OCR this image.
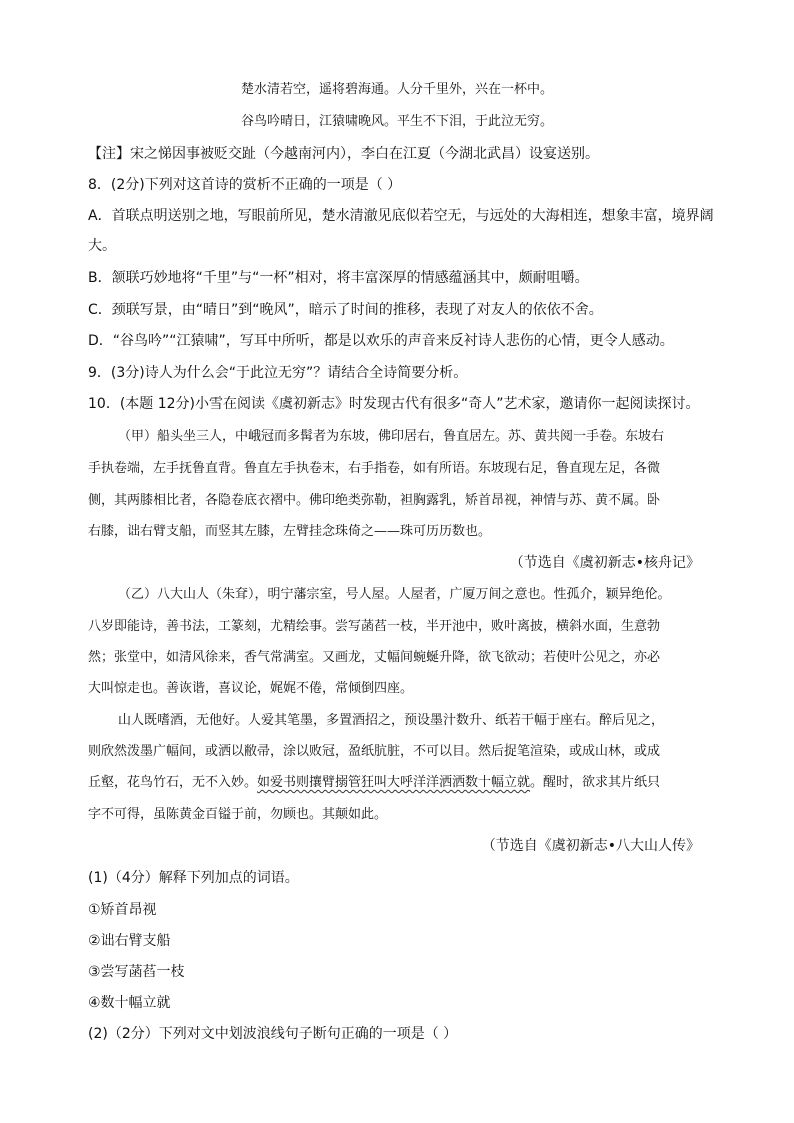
楚水清若空，遥将碧海通。人分千里外，兴在一杯中。
谷鸟吟晴日，江猿啸晚风。平生不下泪，于此泣无穷。
【注】宋之悌因事被贬交趾（今越南河内），李白在江夏（今湖北武昌）设宴送别。
8．(2分)下列对这首诗的赏析不正确的一项是（ ）
A．首联点明送别之地，写眼前所见，楚水清澈见底似若空无，与远处的大海相连，想象丰富，境界阔
大。
B．颔联巧妙地将“千里”与“一杯”相对，将丰富深厚的情感蕴涵其中，颇耐咀嚼。
C．颈联写景，由“晴日”到“晚风”，暗示了时间的推移，表现了对友人的依依不舍。
D．“谷鸟吟”“江猿啸”，写耳中所听，都是以欢乐的声音来反衬诗人悲伤的心情，更令人感动。
9．(3分)诗人为什么会“于此泣无穷”？请结合全诗简要分析。
10．(本题 12分)小雪在阅读《虞初新志》时发现古代有很多“奇人”艺术家，邀请你一起阅读探讨。
（甲）船头坐三人，中峨冠而多髯者为东坡，佛印居右，鲁直居左。苏、黄共阅一手卷。东坡右
手执卷端，左手抚鲁直背。鲁直左手执卷末，右手指卷，如有所语。东坡现右足，鲁直现左足，各微
侧，其两膝相比者，各隐卷底衣褶中。佛印绝类弥勒，袒胸露乳，矫首昂视，神情与苏、黄不属。卧
右膝，诎右臂支船，而竖其左膝，左臂挂念珠倚之——珠可历历数也。
（节选自《虞初新志•核舟记》
（乙）八大山人（朱耷），明宁藩宗室，号人屋。人屋者，广厦万间之意也。性孤介，颖异绝伦。
八岁即能诗，善书法，工篆刻，尤精绘事。尝写菡萏一枝，半开池中，败叶离披，横斜水面，生意勃
然；张堂中，如清风徐来，香气常满室。又画龙，丈幅间蜿蜒升降，欲飞欲动；若使叶公见之，亦必
大叫惊走也。善诙谐，喜议论，娓娓不倦，常倾倒四座。
山人既嗜酒，无他好。人爱其笔墨，多置酒招之，预设墨汁数升、纸若干幅于座右。醉后见之，
则欣然泼墨广幅间，或洒以敝帚，涂以败冠，盈纸肮脏，不可以目。然后捉笔渲染，或成山林，或成
丘壑，花鸟竹石，无不入妙。如爱书则攘臂搦管狂叫大呼洋洋洒洒数十幅立就。醒时，欲求其片纸只
字不可得，虽陈黄金百镒于前，勿顾也。其颠如此。
（节选自《虞初新志•八大山人传》
(1)（4分）解释下列加点的词语。
①矫首昂视
②诎右臂支船
③尝写菡萏一枝
④数十幅立就
(2)（2分）下列对文中划波浪线句子断句正确的一项是（ ）
